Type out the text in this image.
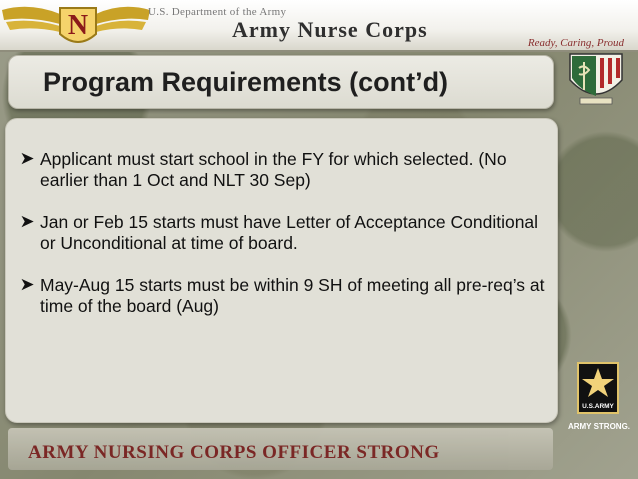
N	U.S. Department of the Army
Army Nurse Corps
Ready, Caring, Proud
Program Requirements (cont’d)
Applicant must start school in the FY for which selected. (No earlier than 1 Oct and NLT 30 Sep)
Jan or Feb 15 starts must have Letter of Acceptance Conditional or Unconditional at time of board.
May-Aug 15 starts must be within 9 SH of meeting all pre-req’s at time of the board (Aug)
U.S.ARMY
ARMY STRONG.
ARMY NURSING CORPS OFFICER STRONG
